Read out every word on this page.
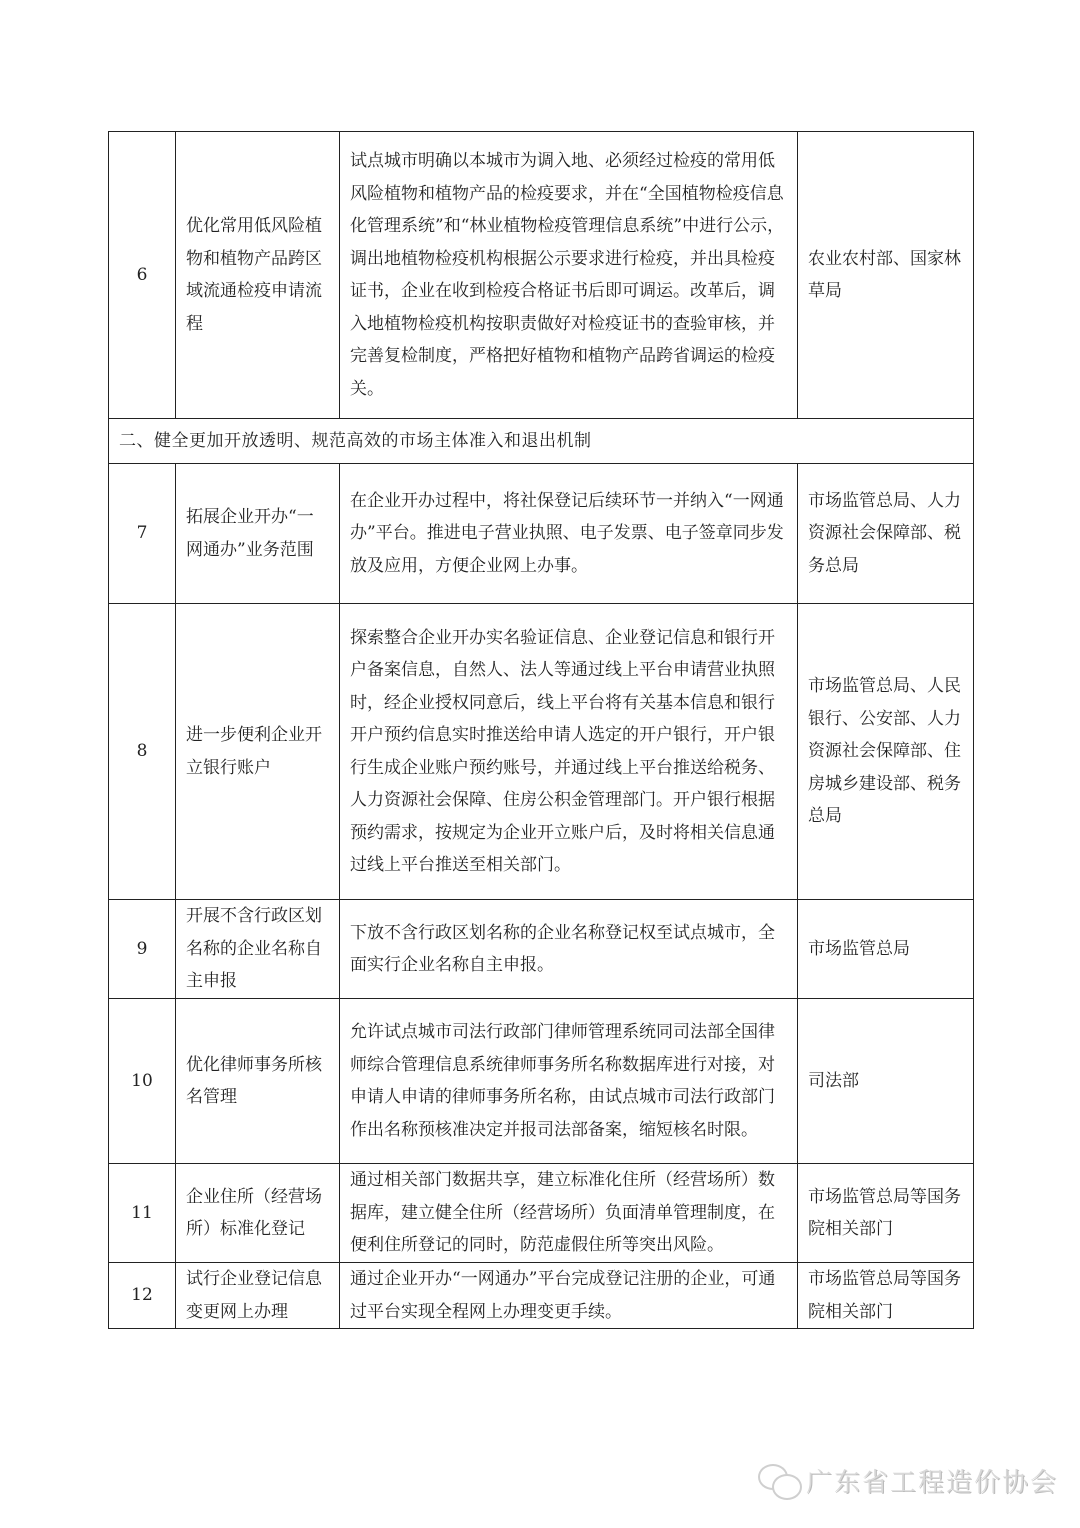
6	优化常用低风险植物和植物产品跨区域流通检疫申请流程	试点城市明确以本城市为调入地、必须经过检疫的常用低风险植物和植物产品的检疫要求，并在“全国植物检疫信息化管理系统”和“林业植物检疫管理信息系统”中进行公示，调出地植物检疫机构根据公示要求进行检疫，并出具检疫证书，企业在收到检疫合格证书后即可调运。改革后，调入地植物检疫机构按职责做好对检疫证书的查验审核，并完善复检制度，严格把好植物和植物产品跨省调运的检疫关。	农业农村部、国家林草局
二、健全更加开放透明、规范高效的市场主体准入和退出机制			
7	拓展企业开办“一网通办”业务范围	在企业开办过程中，将社保登记后续环节一并纳入“一网通办”平台。推进电子营业执照、电子发票、电子签章同步发放及应用，方便企业网上办事。	市场监管总局、人力资源社会保障部、税务总局
8	进一步便利企业开立银行账户	探索整合企业开办实名验证信息、企业登记信息和银行开户备案信息，自然人、法人等通过线上平台申请营业执照时，经企业授权同意后，线上平台将有关基本信息和银行开户预约信息实时推送给申请人选定的开户银行，开户银行生成企业账户预约账号，并通过线上平台推送给税务、人力资源社会保障、住房公积金管理部门。开户银行根据预约需求，按规定为企业开立账户后，及时将相关信息通过线上平台推送至相关部门。	市场监管总局、人民银行、公安部、人力资源社会保障部、住房城乡建设部、税务总局
9	开展不含行政区划名称的企业名称自主申报	下放不含行政区划名称的企业名称登记权至试点城市，全面实行企业名称自主申报。	市场监管总局
10	优化律师事务所核名管理	允许试点城市司法行政部门律师管理系统同司法部全国律师综合管理信息系统律师事务所名称数据库进行对接，对申请人申请的律师事务所名称，由试点城市司法行政部门作出名称预核准决定并报司法部备案，缩短核名时限。	司法部
11	企业住所（经营场所）标准化登记	通过相关部门数据共享，建立标准化住所（经营场所）数据库，建立健全住所（经营场所）负面清单管理制度，在便利住所登记的同时，防范虚假住所等突出风险。	市场监管总局等国务院相关部门
12	试行企业登记信息变更网上办理	通过企业开办“一网通办”平台完成登记注册的企业，可通过平台实现全程网上办理变更手续。	市场监管总局等国务院相关部门
广东省工程造价协会
